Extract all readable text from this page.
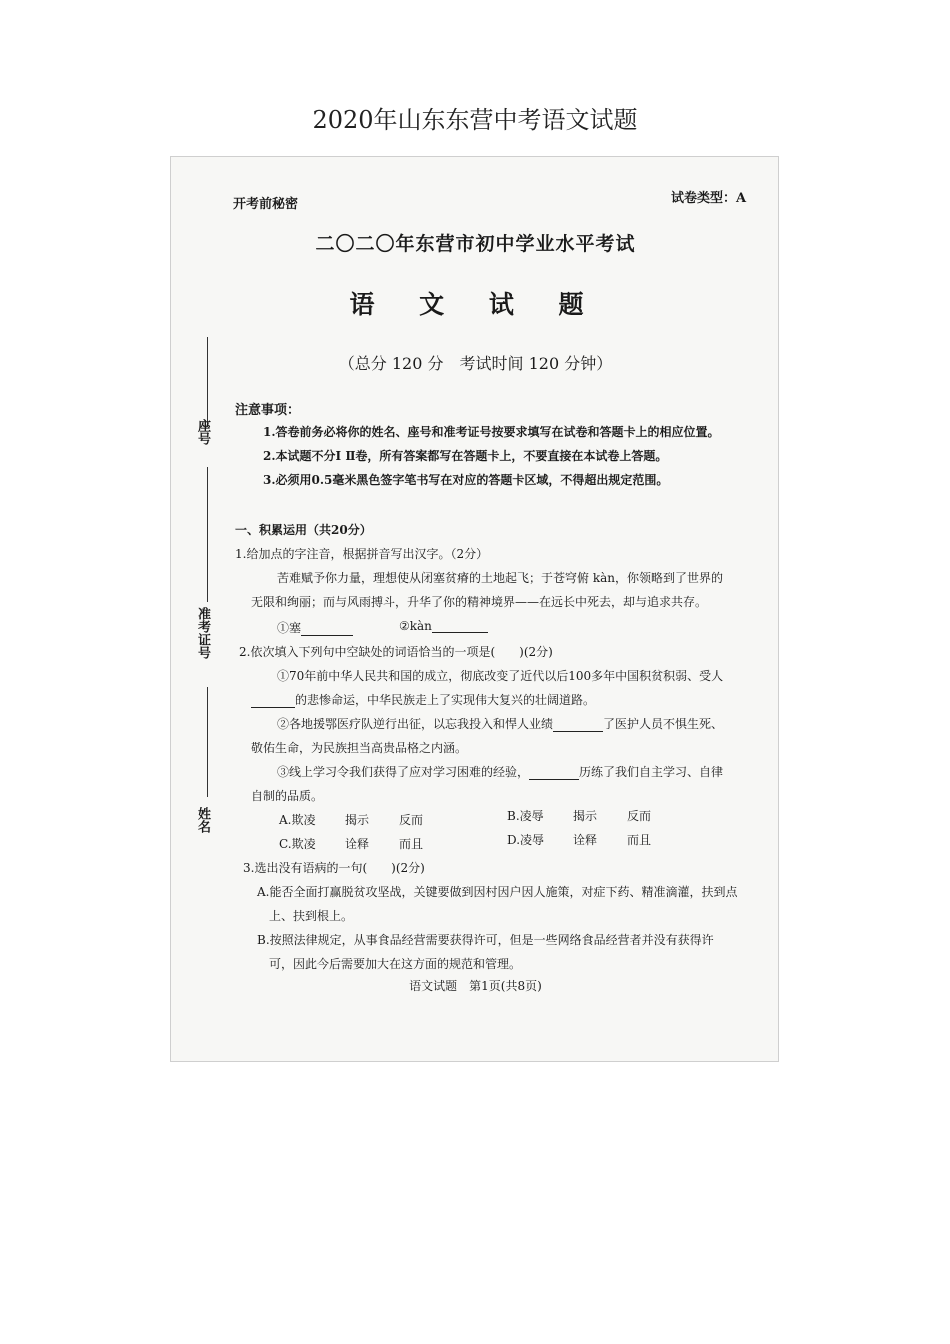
2020年山东东营中考语文试题
开考前秘密	试卷类型：A
二〇二〇年东营市初中学业水平考试
语 文 试 题
（总分 120 分　考试时间 120 分钟）
座号
准考证号
姓名
注意事项：
1.答卷前务必将你的姓名、座号和准考证号按要求填写在试卷和答题卡上的相应位置。
2.本试题不分Ⅰ Ⅱ卷，所有答案都写在答题卡上，不要直接在本试卷上答题。
3.必须用0.5毫米黑色签字笔书写在对应的答题卡区域，不得超出规定范围。
一、积累运用（共20分）
1.给加点的字注音，根据拼音写出汉字。（2分）
苦难赋予你力量，理想使从闭塞贫瘠的土地起飞；于苍穹俯 kàn，你领略到了世界的
无限和绚丽；而与风雨搏斗，升华了你的精神境界——在远长中死去，却与追求共存。
①塞	②kàn
2.依次填入下列句中空缺处的词语恰当的一项是(　　)(2分)
①70年前中华人民共和国的成立，彻底改变了近代以后100多年中国积贫积弱、受人
的悲惨命运，中华民族走上了实现伟大复兴的壮阔道路。
②各地援鄂医疗队逆行出征，以忘我投入和悍人业绩	了医护人员不惧生死、
敬佑生命，为民族担当高贵品格之内涵。
③线上学习令我们获得了应对学习困难的经验，	历练了我们自主学习、自律
自制的品质。
A.欺凌 揭示 反而	B.凌辱 揭示 反而
C.欺凌 诠释 而且	D.凌辱 诠释 而且
3.选出没有语病的一句(　　)(2分)
A.能否全面打赢脱贫攻坚战，关键要做到因村因户因人施策，对症下药、精准滴灌，扶到点
上、扶到根上。
B.按照法律规定，从事食品经营需要获得许可，但是一些网络食品经营者并没有获得许
可，因此今后需要加大在这方面的规范和管理。
语文试题　第1页(共8页)
